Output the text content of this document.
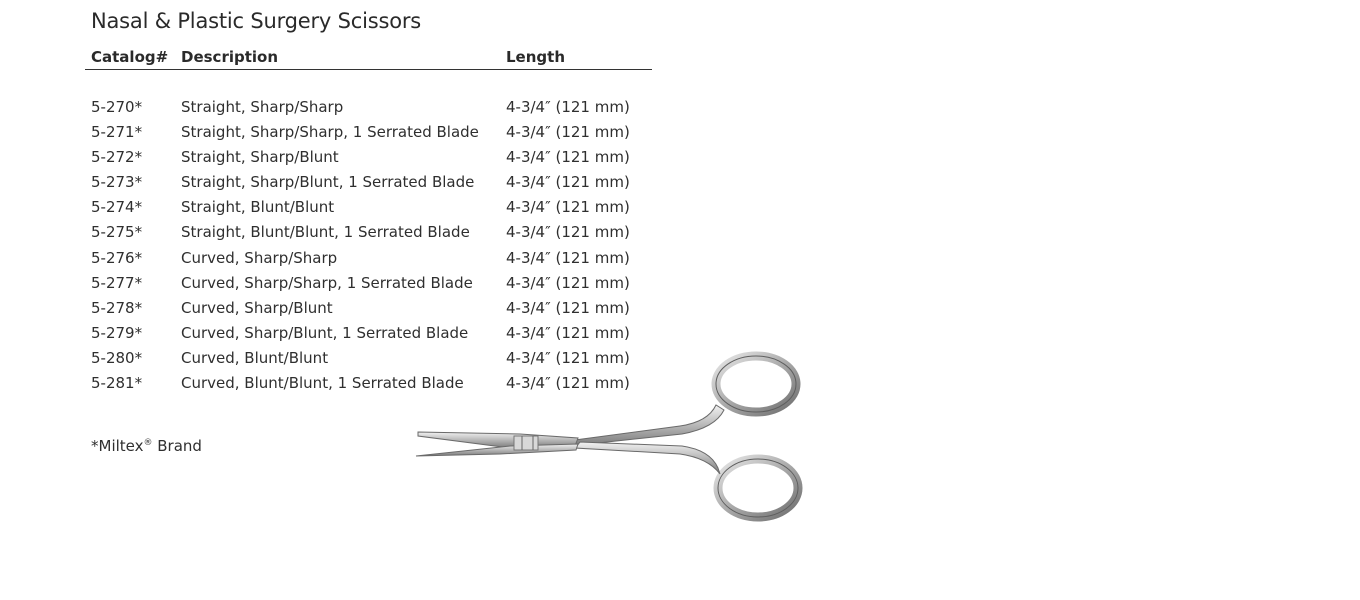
Nasal & Plastic Surgery Scissors
Catalog# Description	Length
5-270*	Straight, Sharp/Sharp	4-3/4″ (121 mm)
5-271*	Straight, Sharp/Sharp, 1 Serrated Blade 4-3/4″ (121 mm)
5-272*	Straight, Sharp/Blunt	4-3/4″ (121 mm)
5-273*	Straight, Sharp/Blunt, 1 Serrated Blade 4-3/4″ (121 mm)
5-274*	Straight, Blunt/Blunt	4-3/4″ (121 mm)
5-275*	Straight, Blunt/Blunt, 1 Serrated Blade 4-3/4″ (121 mm)
5-276*	Curved, Sharp/Sharp	4-3/4″ (121 mm)
5-277*	Curved, Sharp/Sharp, 1 Serrated Blade 4-3/4″ (121 mm)
5-278*	Curved, Sharp/Blunt	4-3/4″ (121 mm)
5-279*	Curved, Sharp/Blunt, 1 Serrated Blade	4-3/4″ (121 mm)
5-280*	Curved, Blunt/Blunt	4-3/4″ (121 mm)
5-281*	Curved, Blunt/Blunt, 1 Serrated Blade	4-3/4″ (121 mm)
*Miltex® Brand
